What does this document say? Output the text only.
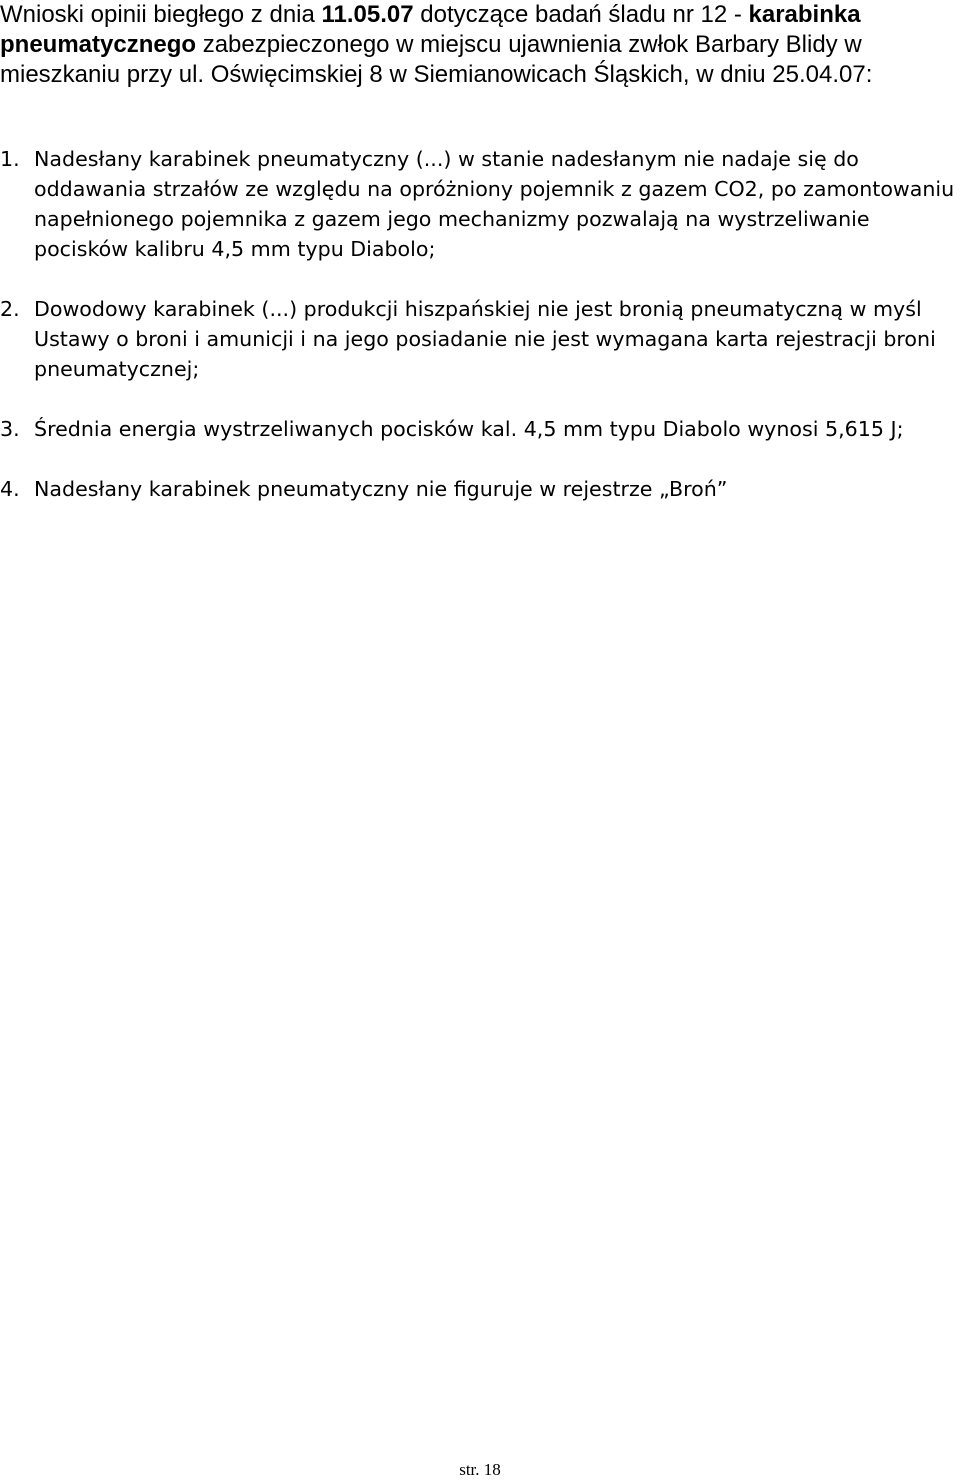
Wnioski opinii biegłego z dnia 11.05.07 dotyczące badań śladu nr 12 - karabinka pneumatycznego zabezpieczonego w miejscu ujawnienia zwłok Barbary Blidy w mieszkaniu przy ul. Oświęcimskiej 8 w Siemianowicach Śląskich, w dniu 25.04.07:

1. Nadesłany karabinek pneumatyczny (...) w stanie nadesłanym nie nadaje się do oddawania strzałów ze względu na opróżniony pojemnik z gazem CO2, po zamontowaniu napełnionego pojemnika z gazem jego mechanizmy pozwalają na wystrzeliwanie pocisków kalibru 4,5 mm typu Diabolo;
2. Dowodowy karabinek (...) produkcji hiszpańskiej nie jest bronią pneumatyczną w myśl Ustawy o broni i amunicji i na jego posiadanie nie jest wymagana karta rejestracji broni pneumatycznej;
3. Średnia energia wystrzeliwanych pocisków kal. 4,5 mm typu Diabolo wynosi 5,615 J;
4. Nadesłany karabinek pneumatyczny nie figuruje w rejestrze „Broń”
str. 18
